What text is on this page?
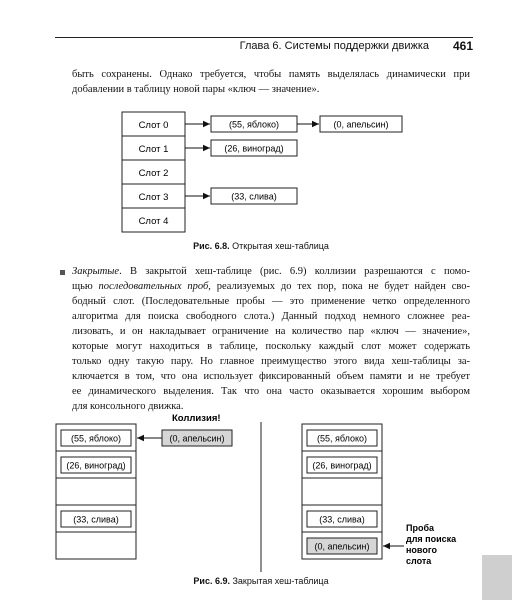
Глава 6. Системы поддержки движка 461
быть сохранены. Однако требуется, чтобы память выделялась динамически при
добавлении в таблицу новой пары «ключ — значение».
Слот 0
Слот 1
Слот 2
Слот 3
Слот 4
(55, яблоко)	(0, апельсин)
(26, виноград)
(33, слива)
Рис. 6.8. Открытая хеш-таблица
Закрытые. В закрытой хеш-таблице (рис. 6.9) коллизии разрешаются с помо-
щью последовательных проб, реализуемых до тех пор, пока не будет найден сво-
бодный слот. (Последовательные пробы — это применение четко определенного
алгоритма для поиска свободного слота.) Данный подход немного сложнее реа-
лизовать, и он накладывает ограничение на количество пар «ключ — значение»,
которые могут находиться в таблице, поскольку каждый слот может содержать
только одну такую пару. Но главное преимущество этого вида хеш-таблицы за-
ключается в том, что она использует фиксированный объем памяти и не требует
ее динамического выделения. Так что она часто оказывается хорошим выбором
для консольного движка.
(55, яблоко)
(26, виноград)
(33, слива)
Коллизия!
(0, апельсин)	(55, яблоко)
(26, виноград)
(33, слива)
(0, апельсин)
Проба
для поиска
нового
слота
Рис. 6.9. Закрытая хеш-таблица
